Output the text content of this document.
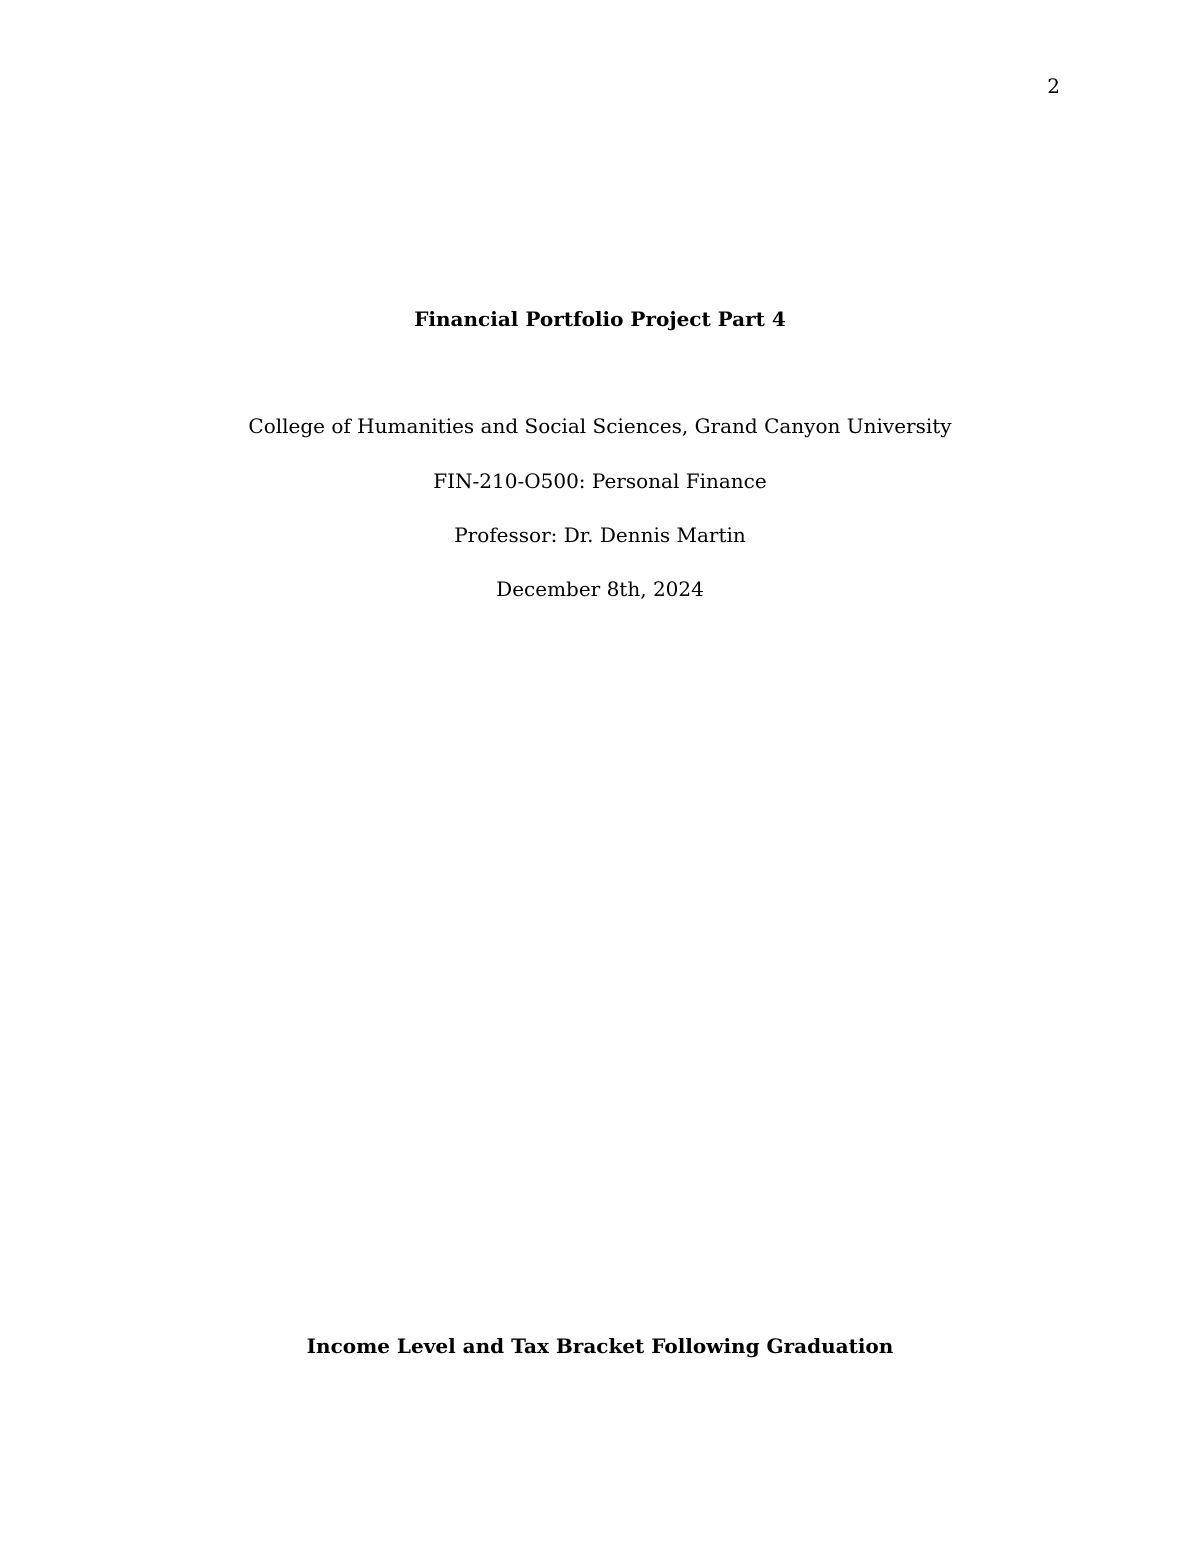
2
Financial Portfolio Project Part 4
College of Humanities and Social Sciences, Grand Canyon University
FIN-210-O500: Personal Finance
Professor: Dr. Dennis Martin
December 8th, 2024
Income Level and Tax Bracket Following Graduation
